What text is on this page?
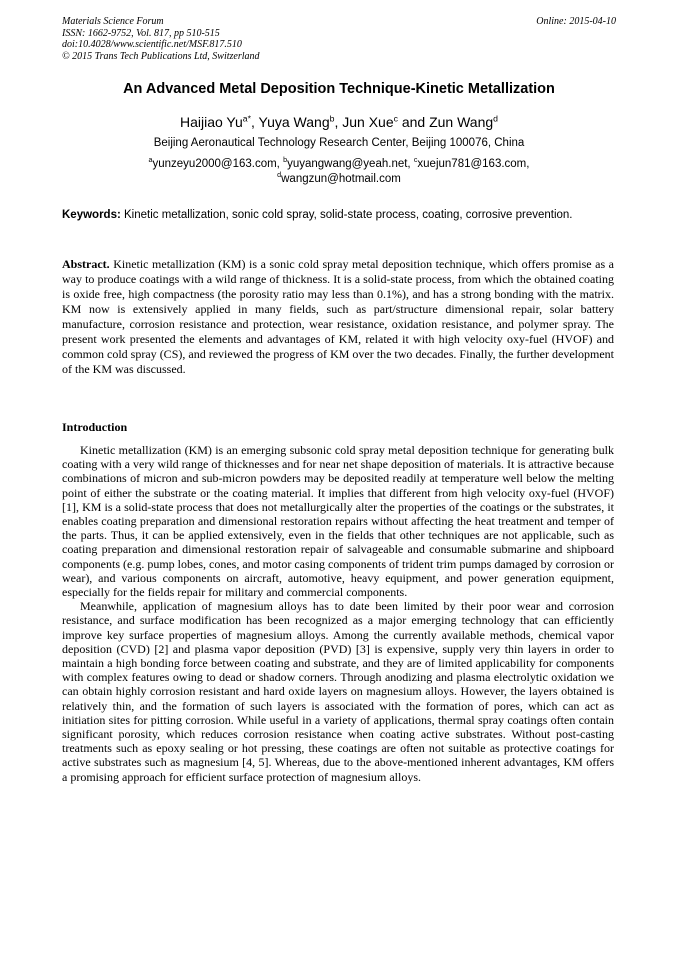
Materials Science Forum
ISSN: 1662-9752, Vol. 817, pp 510-515
doi:10.4028/www.scientific.net/MSF.817.510
© 2015 Trans Tech Publications Ltd, Switzerland
Online: 2015-04-10
An Advanced Metal Deposition Technique-Kinetic Metallization
Haijiao $Yu^{a*}$, Yuya Wang$^b$, Jun Xue$^c$ and Zun Wang$^d$
Beijing Aeronautical Technology Research Center, Beijing 100076, China
$^a$yunzeyu2000@163.com, $^b$yuyangwang@yeah.net, $^c$xuejun781@163.com,
$^d$wangzun@hotmail.com
Keywords: Kinetic metallization, sonic cold spray, solid-state process, coating, corrosive prevention.
Abstract. Kinetic metallization (KM) is a sonic cold spray metal deposition technique, which offers promise as a way to produce coatings with a wild range of thickness. It is a solid-state process, from which the obtained coating is oxide free, high compactness (the porosity ratio may less than 0.1%), and has a strong bonding with the matrix. KM now is extensively applied in many fields, such as part/structure dimensional repair, solar battery manufacture, corrosion resistance and protection, wear resistance, oxidation resistance, and polymer spray. The present work presented the elements and advantages of KM, related it with high velocity oxy-fuel (HVOF) and common cold spray (CS), and reviewed the progress of KM over the two decades. Finally, the further development of the KM was discussed.
Introduction

Kinetic metallization (KM) is an emerging subsonic cold spray metal deposition technique for generating bulk coating with a very wild range of thicknesses and for near net shape deposition of materials. It is attractive because combinations of micron and sub-micron powders may be deposited readily at temperature well below the melting point of either the substrate or the coating material. It implies that different from high velocity oxy-fuel (HVOF) [1], KM is a solid-state process that does not metallurgically alter the properties of the coatings or the substrates, it enables coating preparation and dimensional restoration repairs without affecting the heat treatment and temper of the parts. Thus, it can be applied extensively, even in the fields that other techniques are not applicable, such as coating preparation and dimensional restoration repair of salvageable and consumable submarine and shipboard components (e.g. pump lobes, cones, and motor casing components of trident trim pumps damaged by corrosion or wear), and various components on aircraft, automotive, heavy equipment, and power generation equipment, especially for the fields repair for military and commercial components.

Meanwhile, application of magnesium alloys has to date been limited by their poor wear and corrosion resistance, and surface modification has been recognized as a major emerging technology that can efficiently improve key surface properties of magnesium alloys. Among the currently available methods, chemical vapor deposition (CVD) [2] and plasma vapor deposition (PVD) [3] is expensive, supply very thin layers in order to maintain a high bonding force between coating and substrate, and they are of limited applicability for components with complex features owing to dead or shadow corners. Through anodizing and plasma electrolytic oxidation we can obtain highly corrosion resistant and hard oxide layers on magnesium alloys. However, the layers obtained is relatively thin, and the formation of such layers is associated with the formation of pores, which can act as initiation sites for pitting corrosion. While useful in a variety of applications, thermal spray coatings often contain significant porosity, which reduces corrosion resistance when coating active substrates. Without post-casting treatments such as epoxy sealing or hot pressing, these coatings are often not suitable as protective coatings for active substrates such as magnesium [4, 5]. Whereas, due to the above-mentioned inherent advantages, KM offers a promising approach for efficient surface protection of magnesium alloys.
